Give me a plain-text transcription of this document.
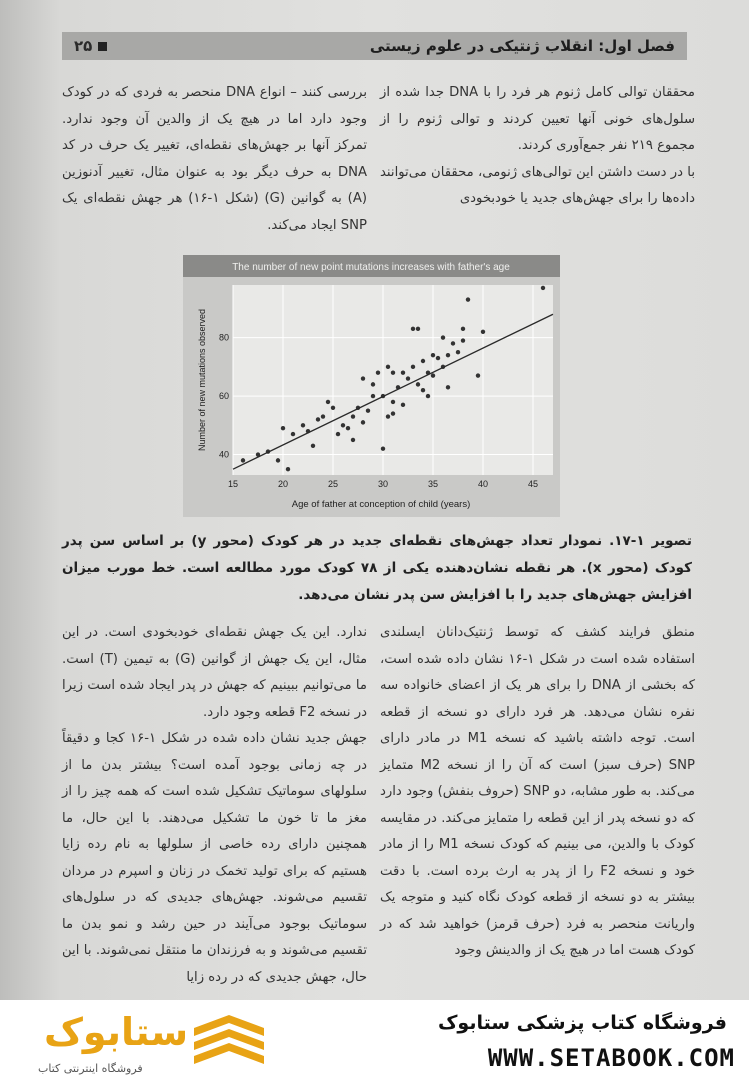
فصل اول: انقلاب ژنتیکی در علوم زیستی
۲۵

محققان توالی کامل ژنوم هر فرد را با DNA جدا شده از سلول‌های خونی آنها تعیین کردند و توالی ژنوم را از مجموع ۲۱۹ نفر جمع‌آوری کردند.

با در دست داشتن این توالی‌های ژنومی، محققان می‌توانند داده‌ها را برای جهش‌های جدید یا خودبخودی

بررسی کنند – انواع DNA منحصر به فردی که در کودک وجود دارد اما در هیچ یک از والدین آن وجود ندارد. تمرکز آنها بر جهش‌های نقطه‌ای، تغییر یک حرف در کد DNA به حرف دیگر بود به عنوان مثال، تغییر آدنوزین (A) به گوانین (G) (شکل ۱-۱۶) هر جهش نقطه‌ای یک SNP ایجاد می‌کند.

The number of new point mutations increases with father's age
15	20	25	30	35	40	45
40
60
80
Age of father at conception of child (years)
Number of new mutations observed
تصویر ۱-۱۷. نمودار تعداد جهش‌های نقطه‌ای جدید در هر کودک (محور y) بر اساس سن پدر کودک (محور x). هر نقطه نشان‌دهنده یکی از ۷۸ کودک مورد مطالعه است. خط مورب میزان افزایش جهش‌های جدید را با افزایش سن پدر نشان می‌دهد.

منطق فرایند کشف که توسط ژنتیک‌دانان ایسلندی استفاده شده است در شکل ۱-۱۶ نشان داده شده است، که بخشی از DNA را برای هر یک از اعضای خانواده سه نفره نشان می‌دهد. هر فرد دارای دو نسخه از قطعه است. توجه داشته باشید که نسخه M1 در مادر دارای SNP (حرف سبز) است که آن را از نسخه M2 متمایز می‌کند. به طور مشابه، دو SNP (حروف بنفش) وجود دارد که دو نسخه پدر از این قطعه را متمایز می‌کند. در مقایسه کودک با والدین، می بینیم که کودک نسخه M1 را از مادر خود و نسخه F2 را از پدر به ارث برده است. با دقت بیشتر به دو نسخه از قطعه کودک نگاه کنید و متوجه یک واریانت منحصر به فرد (حرف قرمز) خواهید شد که در کودک هست اما در هیچ یک از والدینش وجود

ندارد. این یک جهش نقطه‌ای خودبخودی است. در این مثال، این یک جهش از گوانین (G) به تیمین (T) است. ما می‌توانیم ببینیم که جهش در پدر ایجاد شده است زیرا در نسخه F2 قطعه وجود دارد.

جهش جدید نشان داده شده در شکل ۱-۱۶ کجا و دقیقاً در چه زمانی بوجود آمده است؟ بیشتر بدن ما از سلولهای سوماتیک تشکیل شده است که همه چیز را از مغز ما تا خون ما تشکیل می‌دهند. با این حال، ما همچنین دارای رده خاصی از سلولها به نام رده زایا هستیم که برای تولید تخمک در زنان و اسپرم در مردان تقسیم می‌شوند. جهش‌های جدیدی که در سلول‌های سوماتیک بوجود می‌آیند در حین رشد و نمو بدن ما تقسیم می‌شوند و به فرزندان ما منتقل نمی‌شوند. با این حال، جهش جدیدی که در رده زایا

ستابوک
فروشگاه اینترنتی کتاب
فروشگاه کتاب پزشکی ستابوک
WWW.SETABOOK.COM
